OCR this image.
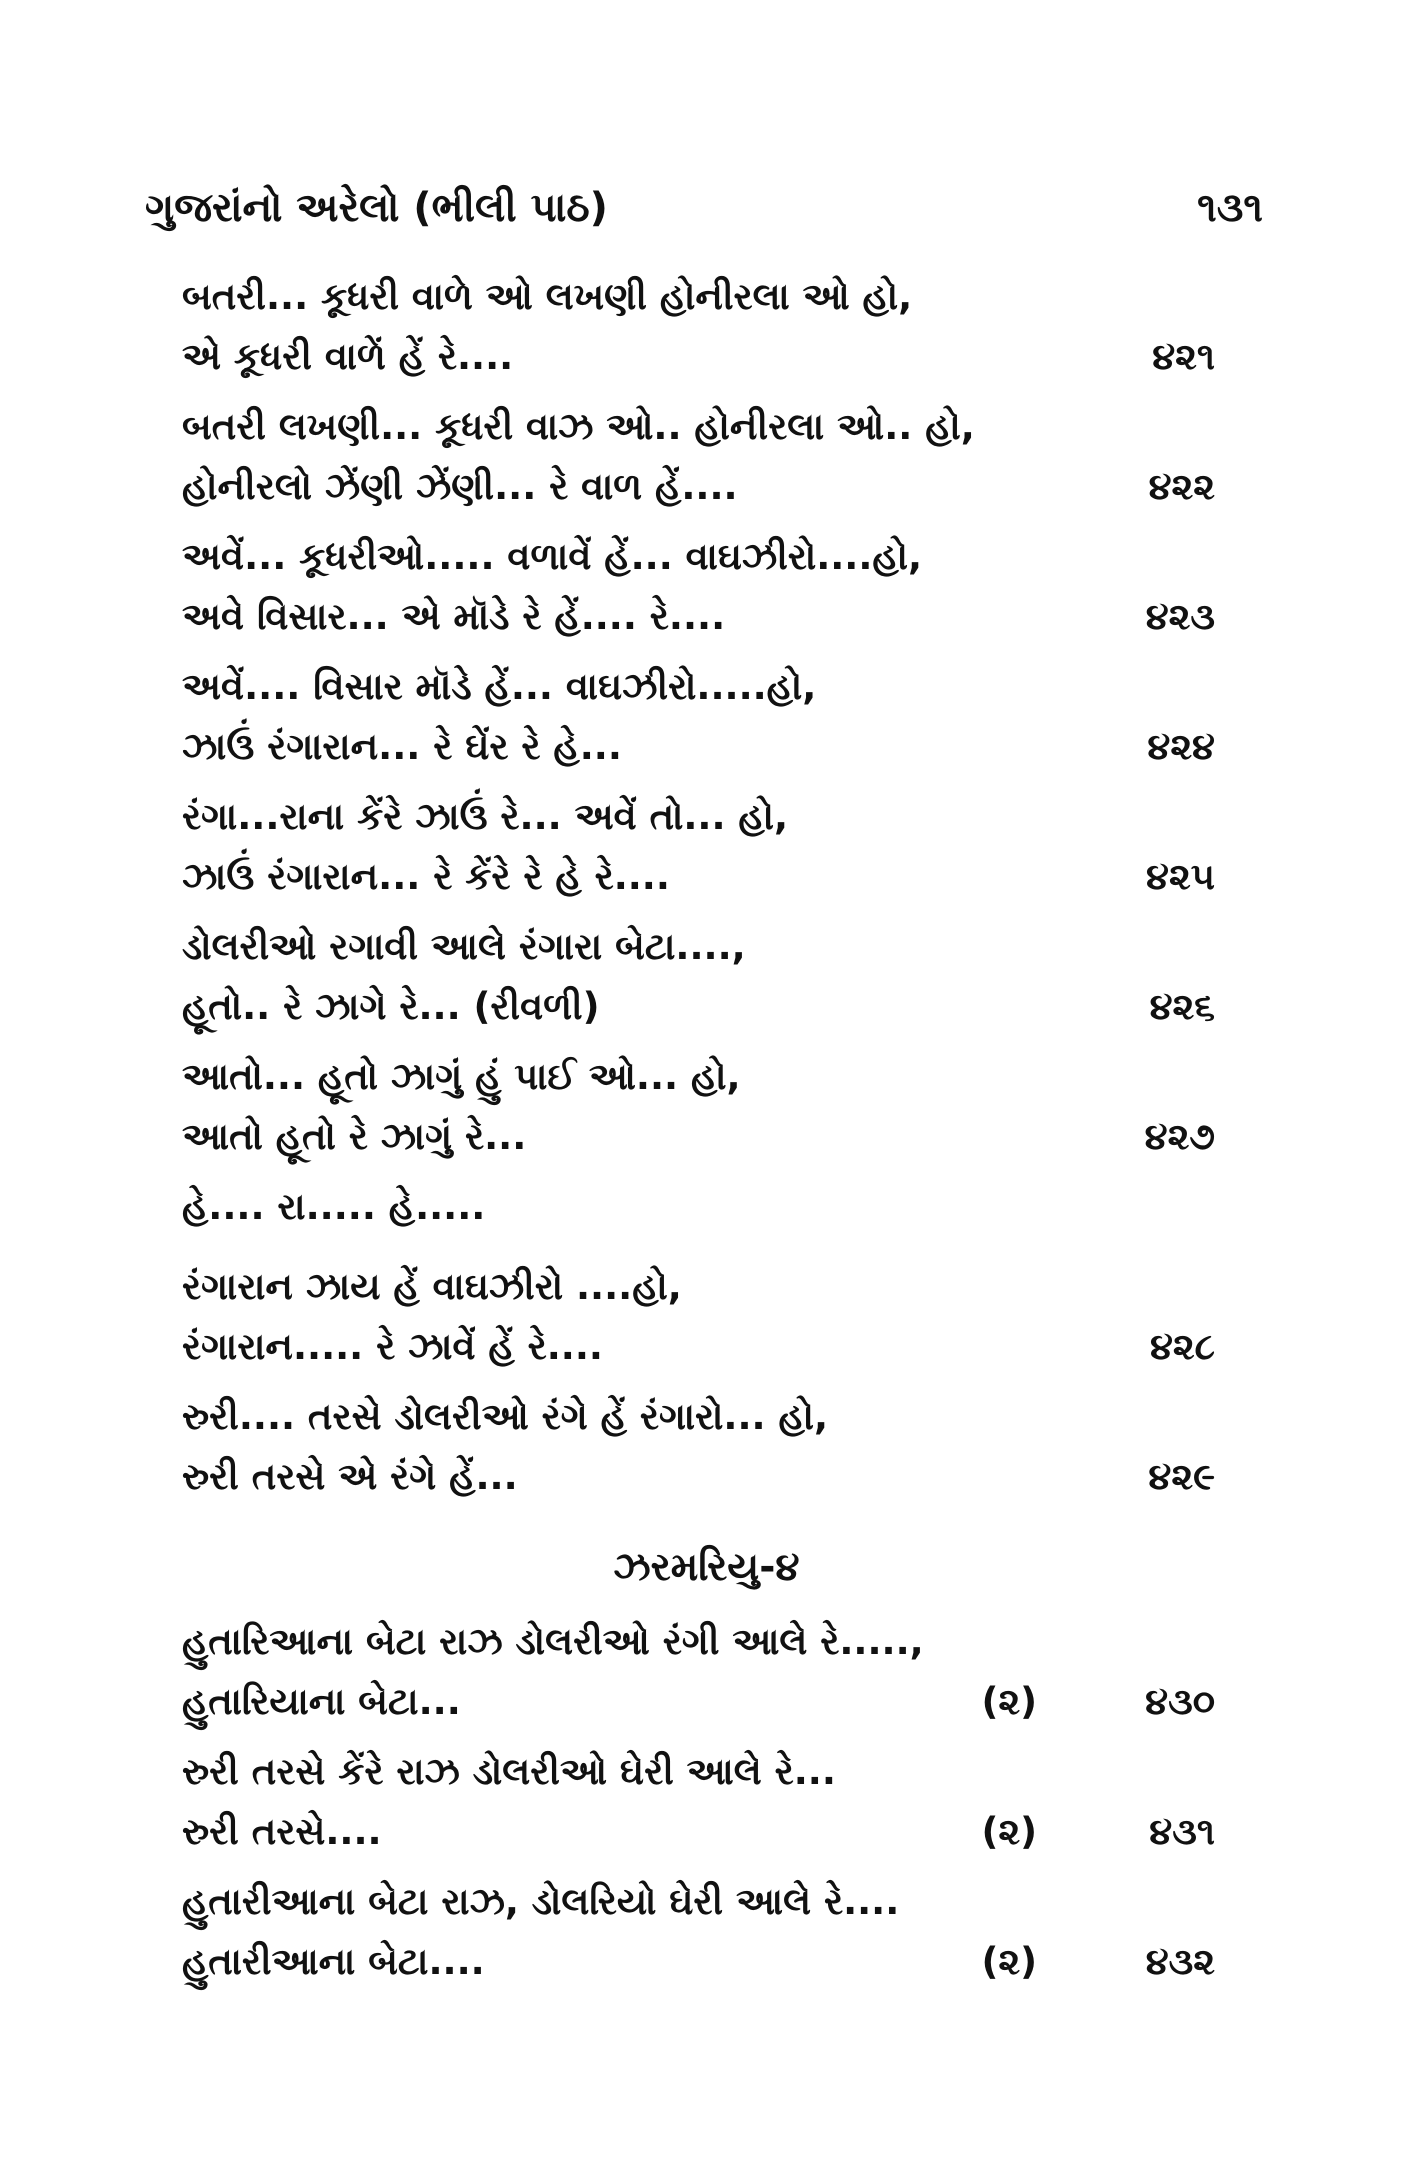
ગુજરાંનો અરેલો (ભીલી પાઠ)	૧૩૧
બતરી... કૂધરી વાળે ઓ લખણી હોનીરલા ઓ હો,
એ કૂધરી વાળેં હેં રે....	૪૨૧
બતરી લખણી... કૂધરી વાઝ ઓ.. હોનીરલા ઓ.. હો,
હોનીરલો ઝેંણી ઝેંણી... રે વાળ હેં....	૪૨૨
અવેં... કૂધરીઓ..... વળાવેં હેં... વાઘઝીરો....હો,
અવે વિસાર... એ મૉડે રે હેં.... રે....	૪૨૩
અવેં.... વિસાર મૉડે હેં... વાઘઝીરો.....હો,
ઝાઉં રંગારાન... રે ઘેંર રે હે...	૪૨૪
રંગા...રાના કેંરે ઝાઉં રે... અવેં તો... હો,
ઝાઉં રંગારાન... રે કેંરે રે હે રે....	૪૨૫
ડોલરીઓ રગાવી આલે રંગારા બેટા....,
હૂતો.. રે ઝાગે રે... (રીવળી)	૪૨૬
આતો... હૂતો ઝાગું હું પાઈ ઓ... હો,
આતો હૂતો રે ઝાગું રે...	૪૨૭
હે.... રા..... હે.....
રંગારાન ઝાય હેં વાઘઝીરો ....હો,
રંગારાન..... રે ઝાવેં હેં રે....	૪૨૮
રુરી.... તરસે ડોલરીઓ રંગે હેં રંગારો... હો,
રુરી તરસે એ રંગે હેં...	૪૨૯
ઝરમરિયુ-૪
હુતારિઆના બેટા રાઝ ડોલરીઓ રંગી આલે રે.....,
હુતારિયાના બેટા...	(૨)	૪૩૦
રુરી તરસે કેંરે રાઝ ડોલરીઓ ઘેરી આલે રે...
રુરી તરસે....	(૨)	૪૩૧
હુતારીઆના બેટા રાઝ, ડોલરિયો ઘેરી આલે રે....
હુતારીઆના બેટા....	(૨)	૪૩૨
